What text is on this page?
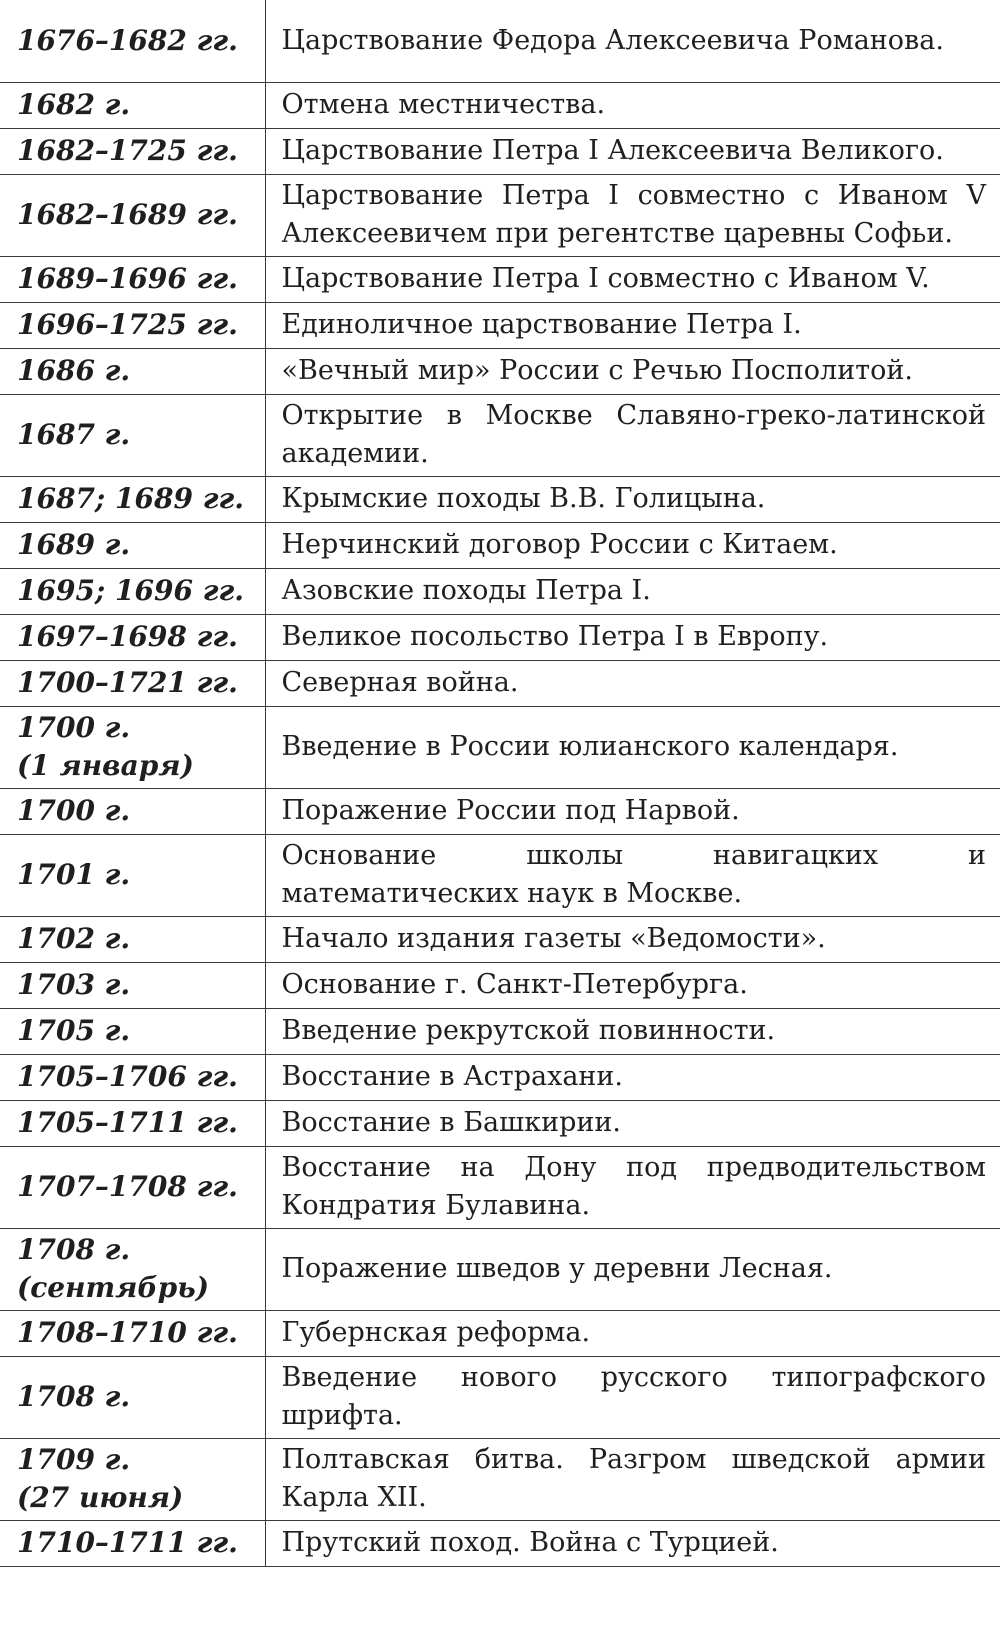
1676–1682 гг.	Царствование Федора Алексеевича Романова.
1682 г.	Отмена местничества.
1682–1725 гг.	Царствование Петра I Алексеевича Великого.
1682–1689 гг.	Царствование Петра I совместно с Иваном V Алексеевичем при регентстве царевны Софьи.
1689–1696 гг.	Царствование Петра I совместно с Иваном V.
1696–1725 гг.	Единоличное царствование Петра I.
1686 г.	«Вечный мир» России с Речью Посполитой.
1687 г.	Открытие в Москве Славяно-греко-латинской академии.
1687; 1689 гг.	Крымские походы В.В. Голицына.
1689 г.	Нерчинский договор России с Китаем.
1695; 1696 гг.	Азовские походы Петра I.
1697–1698 гг.	Великое посольство Петра I в Европу.
1700–1721 гг.	Северная война.

1700 г.
(1 января)	Введение в России юлианского календаря.
1700 г.	Поражение России под Нарвой.
1701 г.	Основание школы навигацких и математических наук в Москве.
1702 г.	Начало издания газеты «Ведомости».
1703 г.	Основание г. Санкт-Петербурга.
1705 г.	Введение рекрутской повинности.
1705–1706 гг.	Восстание в Астрахани.
1705–1711 гг.	Восстание в Башкирии.
1707–1708 гг.	Восстание на Дону под предводительством Кондратия Булавина.

1708 г.
(сентябрь)	Поражение шведов у деревни Лесная.
1708–1710 гг.	Губернская реформа.
1708 г.	Введение нового русского типографского шрифта.

1709 г.
(27 июня)	Полтавская битва. Разгром шведской армии Карла XII.
1710–1711 гг.	Прутский поход. Война с Турцией.
